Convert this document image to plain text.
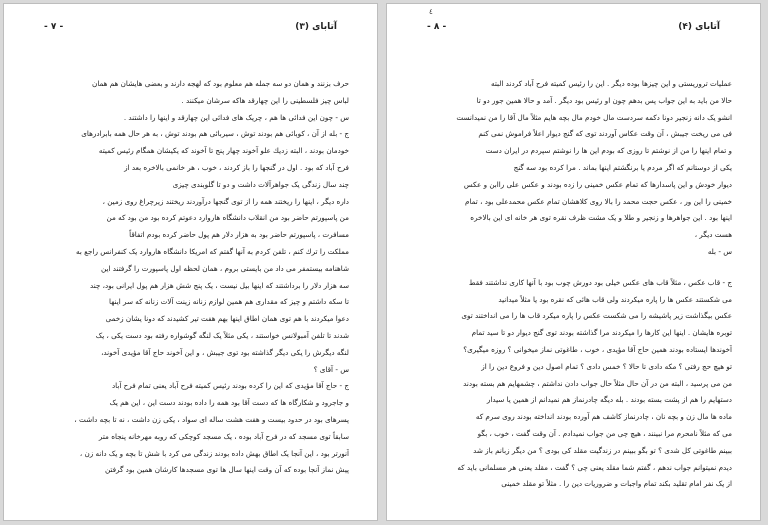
آتابای (۳)
- ۷ -

حرف بزنند و همان دو سه جمله هم معلوم بود كه لهجه دارند و بعضی هایشان هم همان

لباس چیز فلسطینی را این چهارقد هاكه سرشان میكنند .

س - چون این فدائی ها هم ، چریک های فدائی این چهارقد و اینها را داشتند .

ج - بله از آن ، كوبائی هم بودند توش ، سیربائی هم بودند توش ، به هر حال همه بابرادرهای

خودمان بودند ، البته زدیك علو آخوند چهار پنج تا آخوند كه یكیشان همگام رئیس كمیته

فرح آباد كه بود . اول در گنجها را باز كردند ، خوب ، هر خانمی بالاخره بعد از

چند سال زندگی یک جواهرآلات داشت و دو تا گلوبندی چیزی

داره دیگر ، اینها را ریختند همه را از توی گنجها درآوردند ریختند زیرچراغ روی زمین ،

من پاسپورتم حاضر بود من انقلاب دانشگاه هاروارد دعوتم كرده بود من بود كه من

مسافرت ، پاسپورتم حاضر بود به هزار دلار هم پول حاضر كرده بودم اتفاقاً

مملكت را ترك كنم ، تلفن كردم به آنها گفتم كه امریكا دانشگاه هاروارد یک كنفرانس راجع به

شاهنامه بیستمفر می داد من بایستی بروم ، همان لحظه اول پاسپورت را گرفتند این

سه هزار دلار را برداشتند كه اینها بیل نیست ، یک پنج شش هزار هم پول ایرانی بود، چند

تا سكه داشتم و چیز كه مقداری هم همین لوازم زنانه زینت آلات زنانه كه سر اینها

دعوا میكردند با هم توی همان اطاق اینها بهم هفت تیر كشیدند كه دونا یشان زخمی

شدند تا تلفن آمبولانس خواستند ، یكی مثلاً یک لنگه گوشواره رفته بود دست یكی ، یک

لنگه دیگرش را یكی دیگر گذاشته بود توی جیبش ، و این آخوند حاج آقا مؤیدی آخوند،

س - آقای ؟

ج - حاج آقا مؤیدی كه این را كرده بودند رئیس كمیته فرح آباد یعنی تمام فرح آباد

و جاجرود و شكارگاه ها كه دست آقا بود همه را داده بودند دست این ، این هم یک

پسرهای بود در حدود بیست و هفت هشت ساله ای سواد ، یكی زن داشت ، نه تا بچه داشت ،

سابقاً توی مسجد كه در فرح آباد بوده ، یک مسجد كوچكی كه روبه مهرخانه پنجاه متر

آنورتر بود ، این آنجا یک اطاق بهش داده بودند زندگی می كرد با شش تا بچه و یک دانه زن ،

پیش نماز آنجا بوده كه آن وقت اینها سال ها توی مسجدها كارشان همین بود گرفتن

٤
آتابای (۴)
- ۸ -

عملیات تروریستی و این چیزها بوده دیگر . این را رئیس كمیته فرح آباد كردند البته

حالا من باید به این جواب پس بدهم چون او رئیس بود دیگر . آمد و حالا همین جور دو تا

انشو یک دانه زنجیر دونا دكمه سردست مال خودم مال بچه هایم مثلاً مال آقا را من نمیدانست

فی می ریخت جیبش ، آن وقت عكاس آوردند توی كه گنج دیوار اعلاً فراموش نمی كنم

و تمام اینها را من از نوشتم تا روزی كه بودم این ها را نوشتم سپردم در ایران دست

یكی از دوستانم كه اگر مردم یا برنگشتم اینها بماند . مرا كرده بود سه گنج

دیوار خودش و این پاسدارها كه تمام عكس خمینی را زده بودند و عكس علی راابن و عكس

خمینی را این ور ، عكس حجت محمد را بالا روی كلاهشان تمام عكس محمدعلی بود ، تمام

اینها بود . این جواهرها و زنجیر و طلا و یک مشت ظرف نقره توی هر خانه ای این بالاخره

هست دیگر ،

س - بله

ج - قاب عكس ، مثلاً قاب های عكس خیلی بود دورش چوب بود با آنها كاری نداشتند فقط

می شكستند عكس ها را پاره میكردند ولی قاب هائی كه نقره بود یا مثلاً میدانید

عكس بیگذاشت زیر پاشیشه را می شكست عكس را پاره میكرد قاب ها را می انداختند توی

توبره هایشان . اینها این كارها را میكردند مرا گذاشته بودند توی گنج دیوار دو تا سید تمام

آخوندها ایستاده بودند همین حاج آقا مؤیدی ، خوب ، طاغوتی نماز میخوانی ؟ روزه میگیری؟

تو هیچ حج رفتی ؟ مكه دادی تا حالا ؟ خمس دادی ؟ تمام اصول دین و فروع دین را از

من می پرسید ، البته من در آن حال مثلاً حال جواب دادن نداشتم ، چشمهایم هم بسته بودند

دستهایم را هم از پشت بسته بودند . بله دیگه چادرنماز هم نمیدانم از همین یا سیدار

ماده ها مال زن و بچه نان ، چادرنماز كاشف هم آورده بودند انداخته بودند روی سرم كه

می كه مثلاً نامحرم مرا نبینند ، هیچ چی من جواب نمیدادم . آن وقت گفت ، خوب ، بگو

ببینم طاغوتی كل شدی ؟ تو بگو ببینم در زندگیت مقلد كی بودی ؟ من دیگر زبانم باز شد

دیدم نمیتوانم جواب ندهم ، گفتم شما مقلد یعنی چی ؟ گفت ، مقلد یعنی هر مسلمانی باید كه

از یک نفر امام تقلید بكند تمام واجبات و ضروریات دین را . مثلاً تو مقلد خمینی
